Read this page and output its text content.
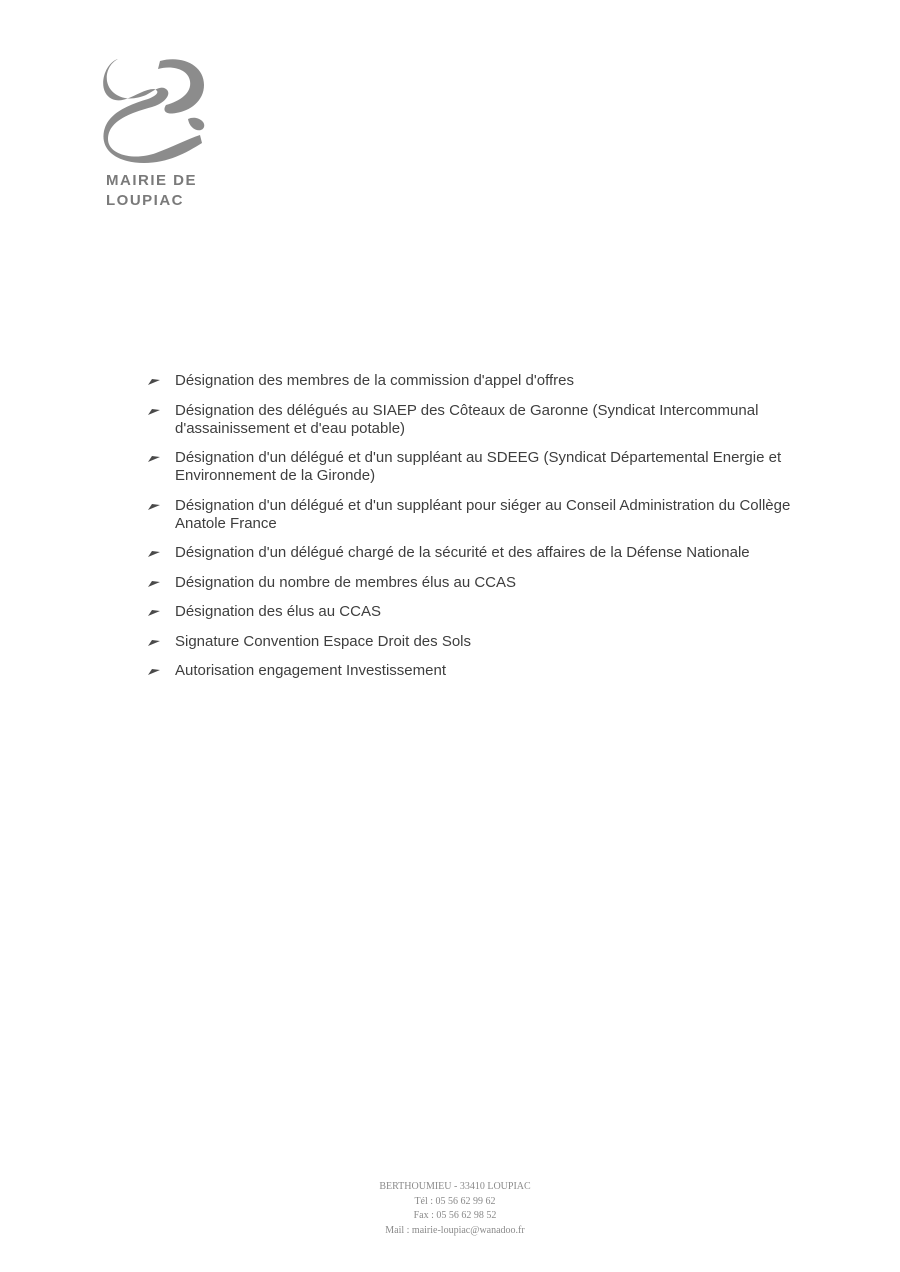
MAIRIE DE
LOUPIAC
Désignation des membres de la commission d'appel d'offres
Désignation des délégués au SIAEP des Côteaux de Garonne (Syndicat Intercommunal d'assainissement et d'eau potable)
Désignation d'un délégué et d'un suppléant au SDEEG (Syndicat Départemental Energie et Environnement de la Gironde)
Désignation d'un délégué et d'un suppléant pour siéger au Conseil Administration du Collège Anatole France
Désignation d'un délégué chargé de la sécurité et des affaires de la Défense Nationale
Désignation du nombre de membres élus au CCAS
Désignation des élus au CCAS
Signature Convention Espace Droit des Sols
Autorisation engagement Investissement
BERTHOUMIEU - 33410 LOUPIAC
Tél : 05 56 62 99 62
Fax : 05 56 62 98 52
Mail : mairie-loupiac@wanadoo.fr
